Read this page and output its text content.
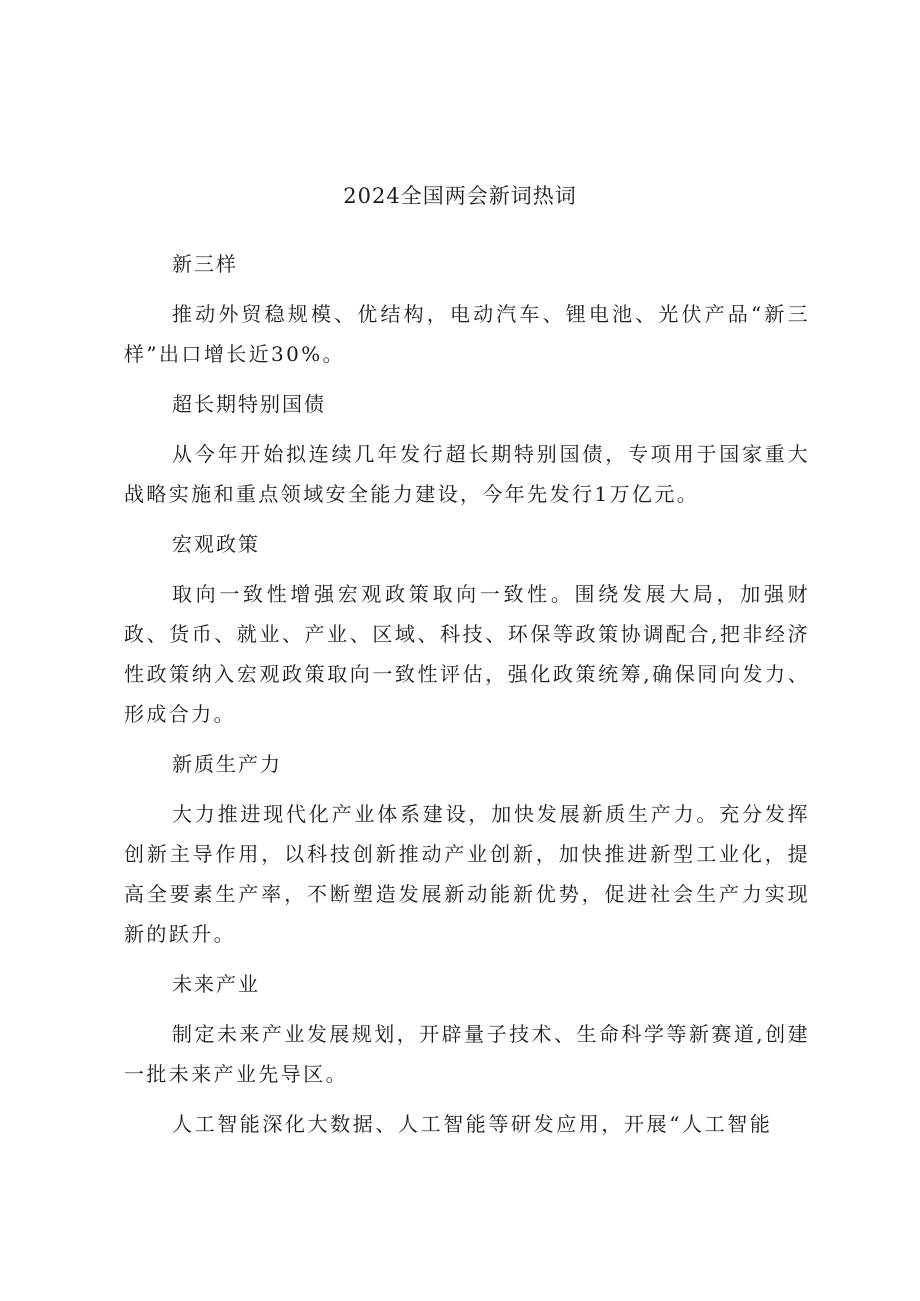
2024全国两会新词热词

新三样

推动外贸稳规模、优结构，电动汽车、锂电池、光伏产品“新三样”出口增长近30%。

超长期特别国债

从今年开始拟连续几年发行超长期特别国债，专项用于国家重大战略实施和重点领域安全能力建设，今年先发行1万亿元。

宏观政策

取向一致性增强宏观政策取向一致性。围绕发展大局，加强财政、货币、就业、产业、区域、科技、环保等政策协调配合,把非经济性政策纳入宏观政策取向一致性评估，强化政策统筹,确保同向发力、形成合力。

新质生产力

大力推进现代化产业体系建设，加快发展新质生产力。充分发挥创新主导作用，以科技创新推动产业创新，加快推进新型工业化，提高全要素生产率，不断塑造发展新动能新优势，促进社会生产力实现新的跃升。

未来产业

制定未来产业发展规划，开辟量子技术、生命科学等新赛道,创建一批未来产业先导区。

人工智能深化大数据、人工智能等研发应用，开展“人工智能
